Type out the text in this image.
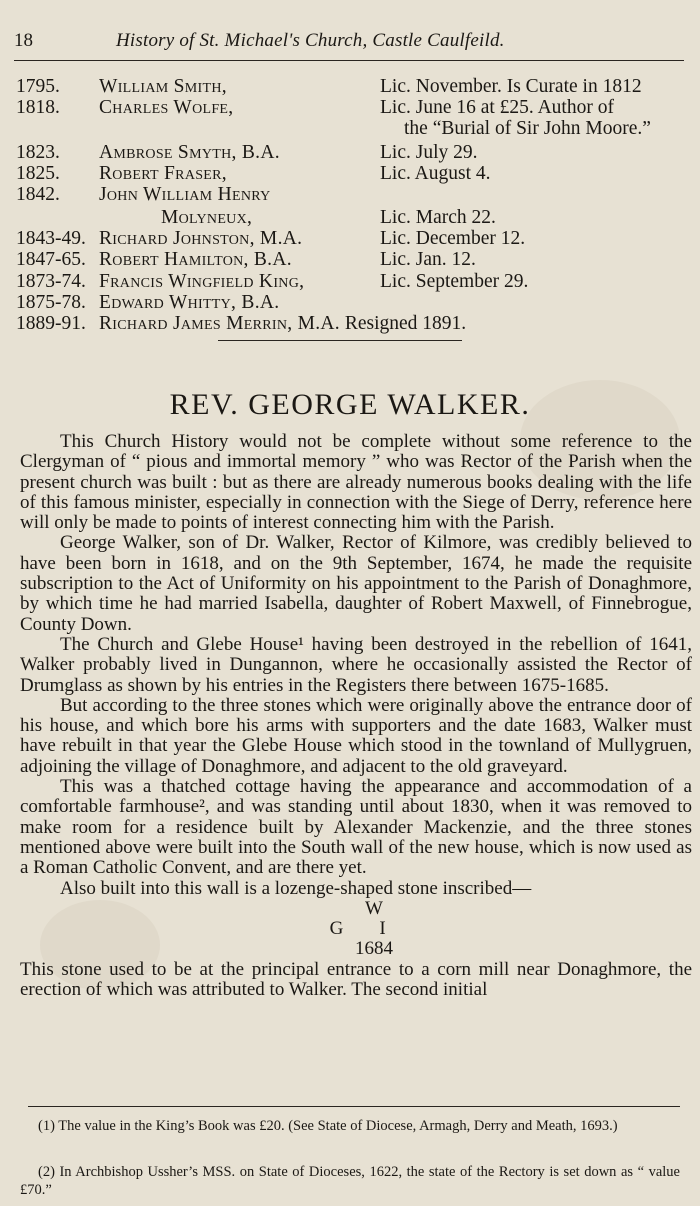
18	History of St. Michael's Church, Castle Caulfeild.
1795. William Smith,	Lic. November. Is Curate in 1812
1818. Charles Wolfe,	Lic. June 16 at £25. Author of
the “Burial of Sir John Moore.”
1823. Ambrose Smyth, B.A.	Lic. July 29.
1825. Robert Fraser,	Lic. August 4.
1842. John William Henry
Molyneux,	Lic. March 22.
1843-49. Richard Johnston, M.A.	Lic. December 12.
1847-65. Robert Hamilton, B.A.	Lic. Jan. 12.
1873-74. Francis Wingfield King,	Lic. September 29.
1875-78. Edward Whitty, B.A.
1889-91. Richard James Merrin, M.A. Resigned 1891.
REV. GEORGE WALKER.

This Church History would not be complete without some reference to the Clergyman of “ pious and immortal memory ” who was Rector of the Parish when the present church was built : but as there are already numerous books dealing with the life of this famous minister, especially in connection with the Siege of Derry, reference here will only be made to points of interest connecting him with the Parish.

George Walker, son of Dr. Walker, Rector of Kilmore, was credibly believed to have been born in 1618, and on the 9th September, 1674, he made the requisite subscription to the Act of Uniformity on his appointment to the Parish of Donaghmore, by which time he had married Isabella, daughter of Robert Maxwell, of Finnebrogue, County Down.

The Church and Glebe House¹ having been destroyed in the rebellion of 1641, Walker probably lived in Dungannon, where he occasionally assisted the Rector of Drumglass as shown by his entries in the Registers there between 1675-1685.

But according to the three stones which were originally above the entrance door of his house, and which bore his arms with supporters and the date 1683, Walker must have rebuilt in that year the Glebe House which stood in the townland of Mullygruen, adjoining the village of Donaghmore, and adjacent to the old graveyard.

This was a thatched cottage having the appearance and accommodation of a comfortable farmhouse², and was standing until about 1830, when it was removed to make room for a residence built by Alexander Mackenzie, and the three stones mentioned above were built into the South wall of the new house, which is now used as a Roman Catholic Convent, and are there yet.

Also built into this wall is a lozenge-shaped stone inscribed—

W
G I
1684

This stone used to be at the principal entrance to a corn mill near Donaghmore, the erection of which was attributed to Walker. The second initial

(1) The value in the King’s Book was £20. (See State of Diocese, Armagh, Derry and Meath, 1693.)

(2) In Archbishop Ussher’s MSS. on State of Dioceses, 1622, the state of the Rectory is set down as “ value £70.”
